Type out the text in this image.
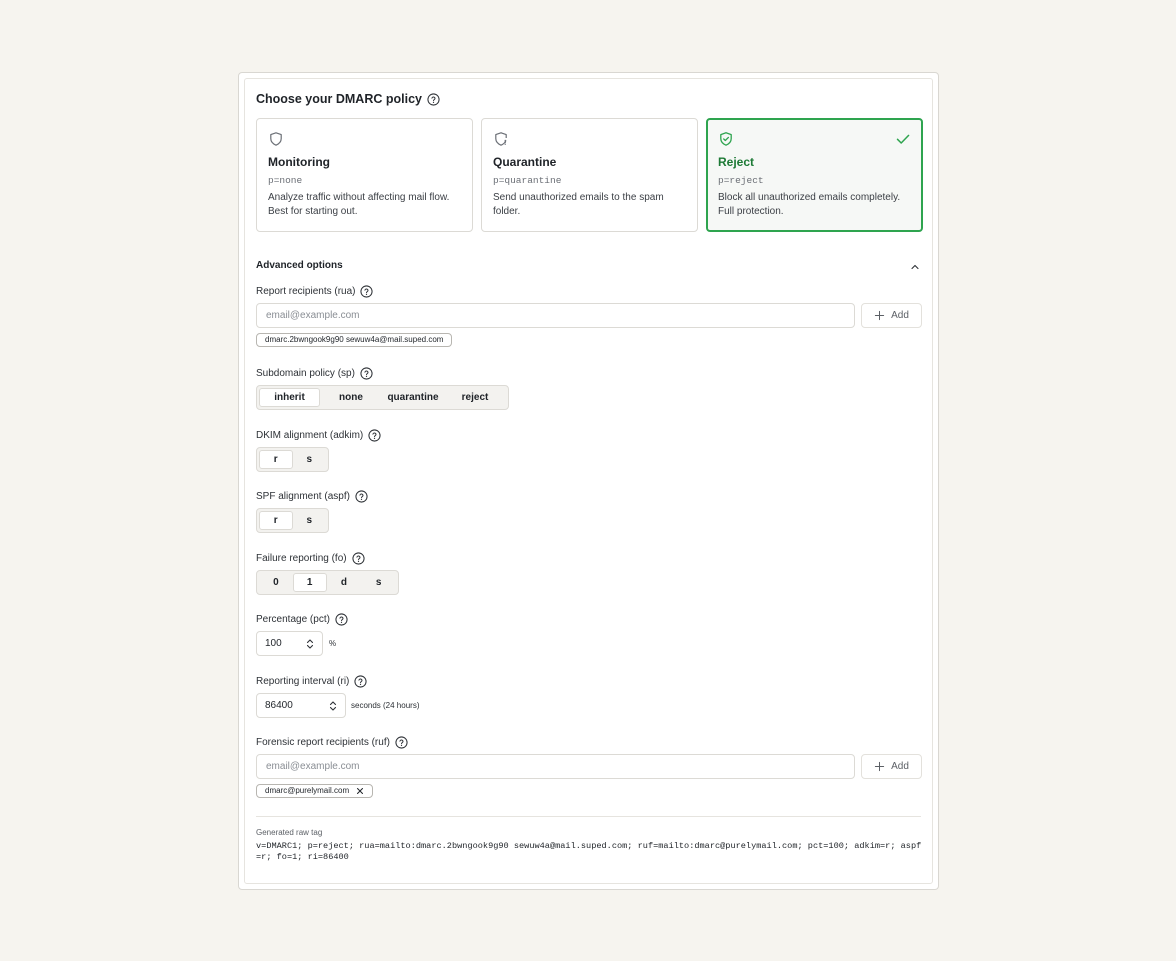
Choose your DMARC policy
Monitoring
p=none
Analyze traffic without affecting mail flow. Best for starting out.
Quarantine
p=quarantine
Send unauthorized emails to the spam folder.
Reject
p=reject
Block all unauthorized emails completely. Full protection.
Advanced options
Report recipients (rua)
email@example.com	Add
dmarc.2bwngook9g90 sewuw4a@mail.suped.com
Subdomain policy (sp)
inherit	none	quarantine	reject
DKIM alignment (adkim)
r	s
SPF alignment (aspf)
r	s
Failure reporting (fo)
0	1	d	s
Percentage (pct)
100	%
Reporting interval (ri)
86400	seconds (24 hours)
Forensic report recipients (ruf)
email@example.com	Add
dmarc@purelymail.com
Generated raw tag
v=DMARC1; p=reject; rua=mailto:dmarc.2bwngook9g90 sewuw4a@mail.suped.com; ruf=mailto:dmarc@purelymail.com; pct=100; adkim=r; aspf=r; fo=1; ri=86400
